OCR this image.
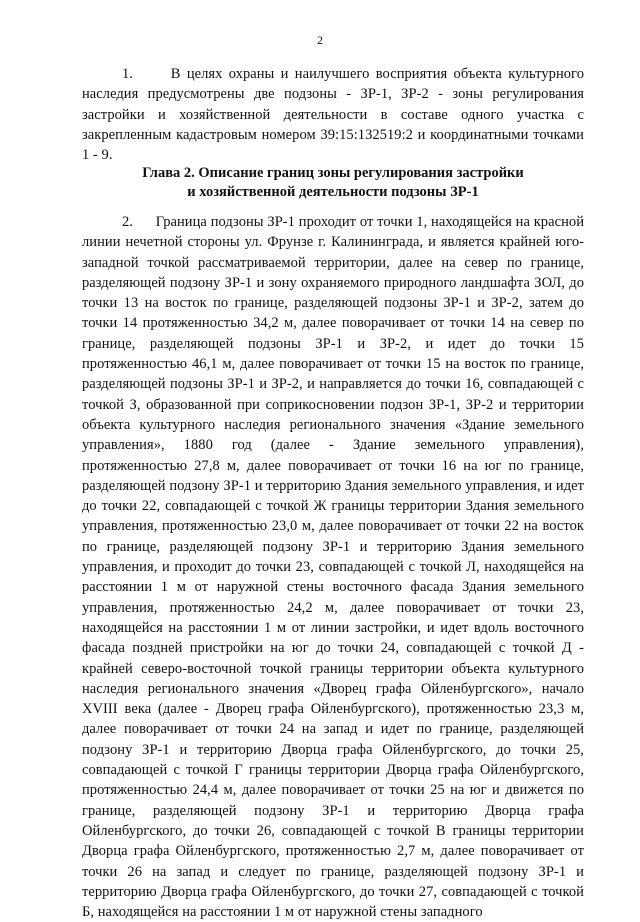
2

1.      В целях охраны и наилучшего восприятия объекта культурного наследия предусмотрены две подзоны - ЗР-1, ЗР-2 - зоны регулирования застройки и хозяйственной деятельности в составе одного участка с закрепленным кадастровым номером 39:15:132519:2 и координатными точками 1 - 9.

Глава 2. Описание границ зоны регулирования застройки
и хозяйственной деятельности подзоны ЗР-1

2.      Граница подзоны ЗР-1 проходит от точки 1, находящейся на красной линии нечетной стороны ул. Фрунзе г. Калининграда, и является крайней юго-западной точкой рассматриваемой территории, далее на север по границе, разделяющей подзону ЗР-1 и зону охраняемого природного ландшафта ЗОЛ, до точки 13 на восток по границе, разделяющей подзоны ЗР-1 и ЗР-2, затем до точки 14 протяженностью 34,2 м, далее поворачивает от точки 14 на север по границе, разделяющей подзоны ЗР-1 и ЗР-2, и идет до точки 15 протяженностью 46,1 м, далее поворачивает от точки 15 на восток по границе, разделяющей подзоны ЗР-1 и ЗР-2, и направляется до точки 16, совпадающей с точкой З, образованной при соприкосновении подзон ЗР-1, ЗР-2 и территории объекта культурного наследия регионального значения «Здание земельного управления», 1880 год (далее - Здание земельного управления), протяженностью 27,8 м, далее поворачивает от точки 16 на юг по границе, разделяющей подзону ЗР-1 и территорию Здания земельного управления, и идет до точки 22, совпадающей с точкой Ж границы территории Здания земельного управления, протяженностью 23,0 м, далее поворачивает от точки 22 на восток по границе, разделяющей подзону ЗР-1 и территорию Здания земельного управления, и проходит до точки 23, совпадающей с точкой Л, находящейся на расстоянии 1 м от наружной стены восточного фасада Здания земельного управления, протяженностью 24,2 м, далее поворачивает от точки 23, находящейся на расстоянии 1 м от линии застройки, и идет вдоль восточного фасада поздней пристройки на юг до точки 24, совпадающей с точкой Д - крайней северо-восточной точкой границы территории объекта культурного наследия регионального значения «Дворец графа Ойленбургского», начало XVIII века (далее - Дворец графа Ойленбургского), протяженностью 23,3 м, далее поворачивает от точки 24 на запад и идет по границе, разделяющей подзону ЗР-1 и территорию Дворца графа Ойленбургского, до точки 25, совпадающей с точкой Г границы территории Дворца графа Ойленбургского, протяженностью 24,4 м, далее поворачивает от точки 25 на юг и движется по границе, разделяющей подзону ЗР-1 и территорию Дворца графа Ойленбургского, до точки 26, совпадающей с точкой В границы территории Дворца графа Ойленбургского, протяженностью 2,7 м, далее поворачивает от точки 26 на запад и следует по границе, разделяющей подзону ЗР-1 и территорию Дворца графа Ойленбургского, до точки 27, совпадающей с точкой Б, находящейся на расстоянии 1 м от наружной стены западного
